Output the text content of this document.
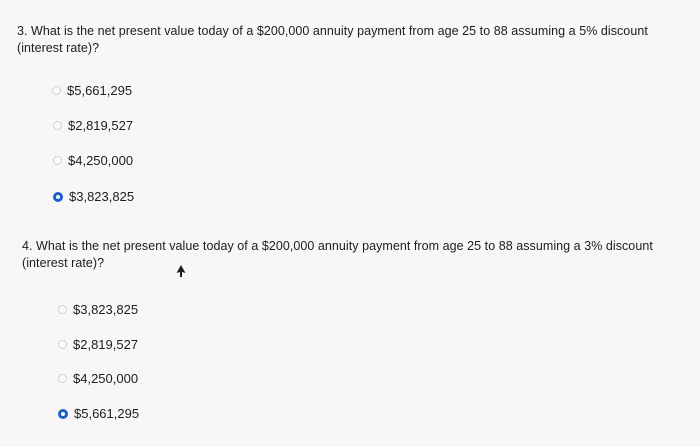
3. What is the net present value today of a $200,000 annuity payment from age 25 to 88 assuming a 5% discount (interest rate)?
$5,661,295
$2,819,527
$4,250,000
$3,823,825
4. What is the net present value today of a $200,000 annuity payment from age 25 to 88 assuming a 3% discount (interest rate)?
$3,823,825
$2,819,527
$4,250,000
$5,661,295
